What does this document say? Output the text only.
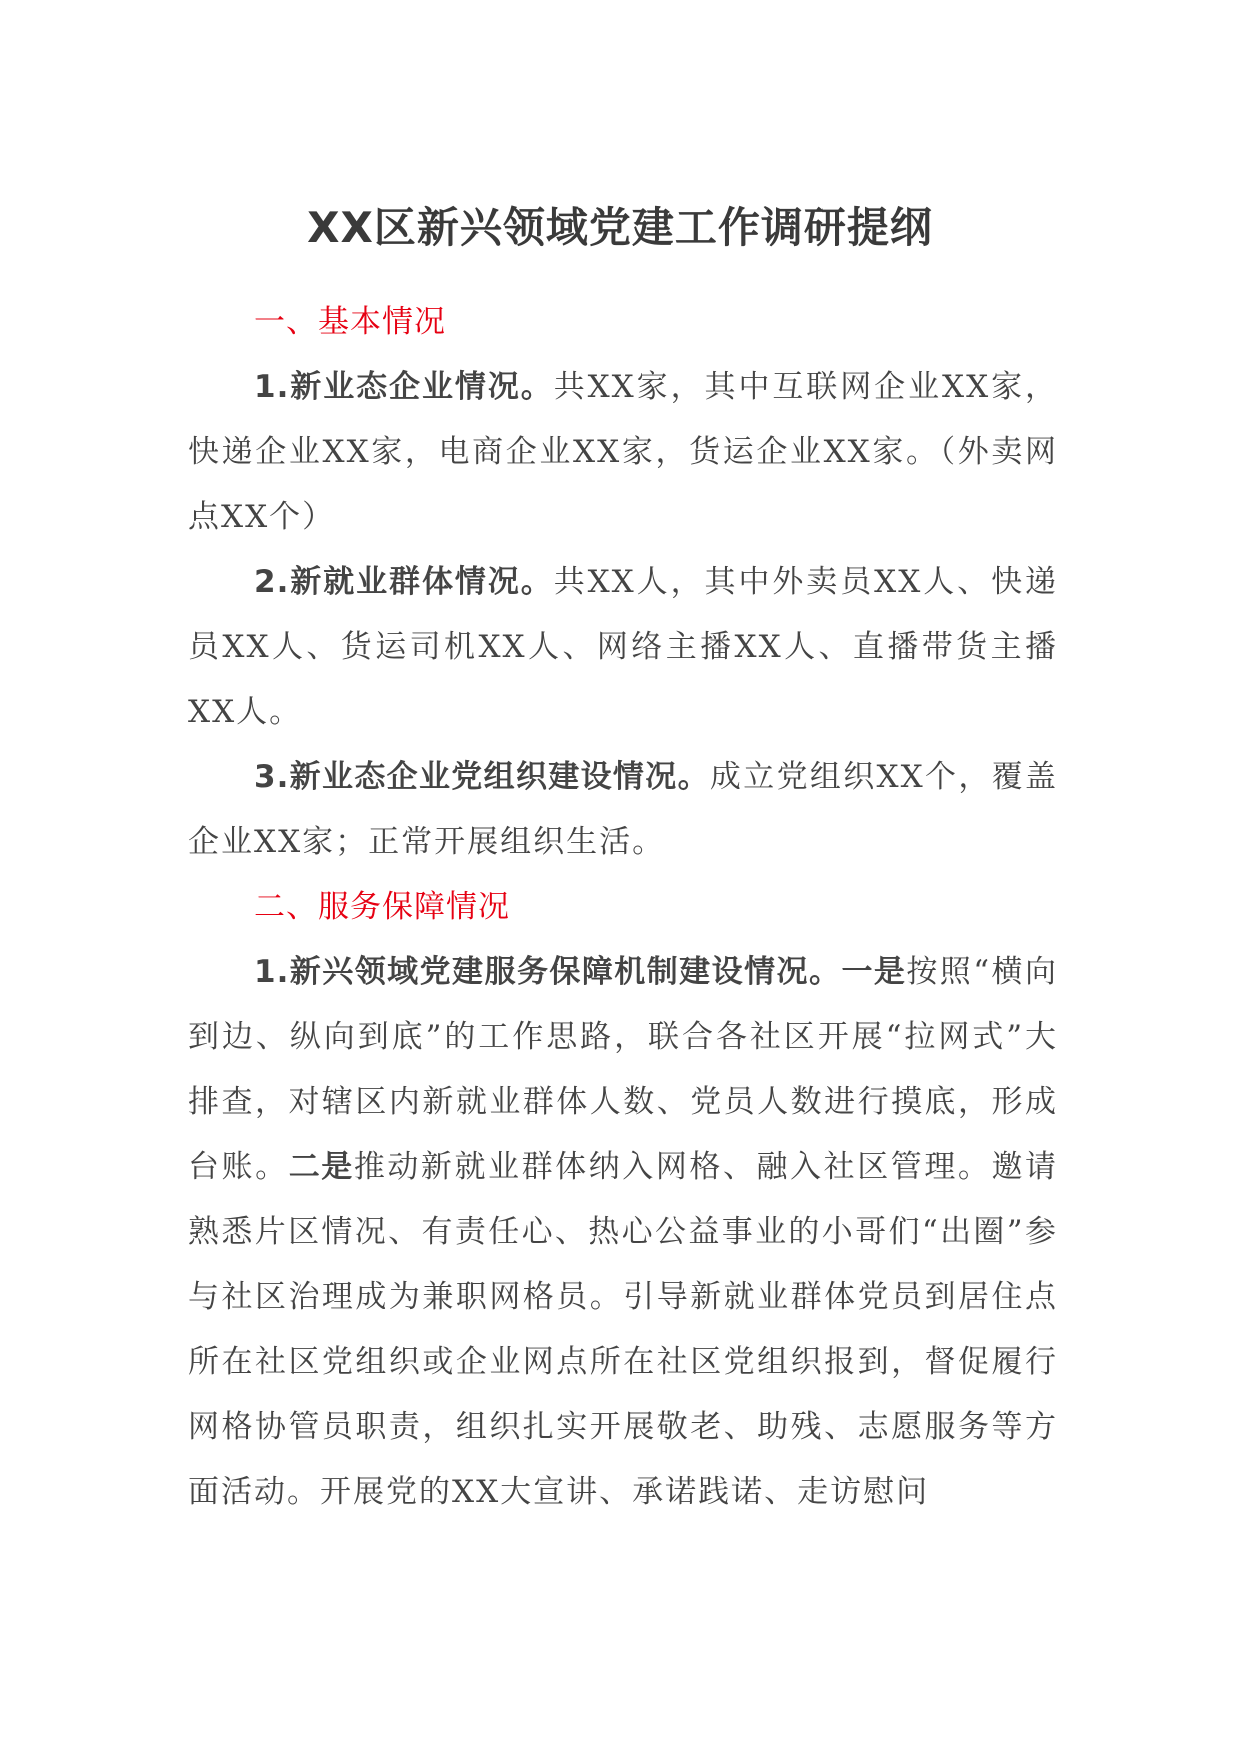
XX区新兴领域党建工作调研提纲

一、基本情况

1.新业态企业情况。共XX家，其中互联网企业XX家，快递企业XX家，电商企业XX家，货运企业XX家。（外卖网点XX个）

2.新就业群体情况。共XX人，其中外卖员XX人、快递员XX人、货运司机XX人、网络主播XX人、直播带货主播XX人。

3.新业态企业党组织建设情况。成立党组织XX个，覆盖企业XX家；正常开展组织生活。

二、服务保障情况

1.新兴领域党建服务保障机制建设情况。一是按照“横向到边、纵向到底”的工作思路，联合各社区开展“拉网式”大排查，对辖区内新就业群体人数、党员人数进行摸底，形成台账。二是推动新就业群体纳入网格、融入社区管理。邀请熟悉片区情况、有责任心、热心公益事业的小哥们“出圈”参与社区治理成为兼职网格员。引导新就业群体党员到居住点所在社区党组织或企业网点所在社区党组织报到，督促履行网格协管员职责，组织扎实开展敬老、助残、志愿服务等方面活动。开展党的XX大宣讲、承诺践诺、走访慰问
